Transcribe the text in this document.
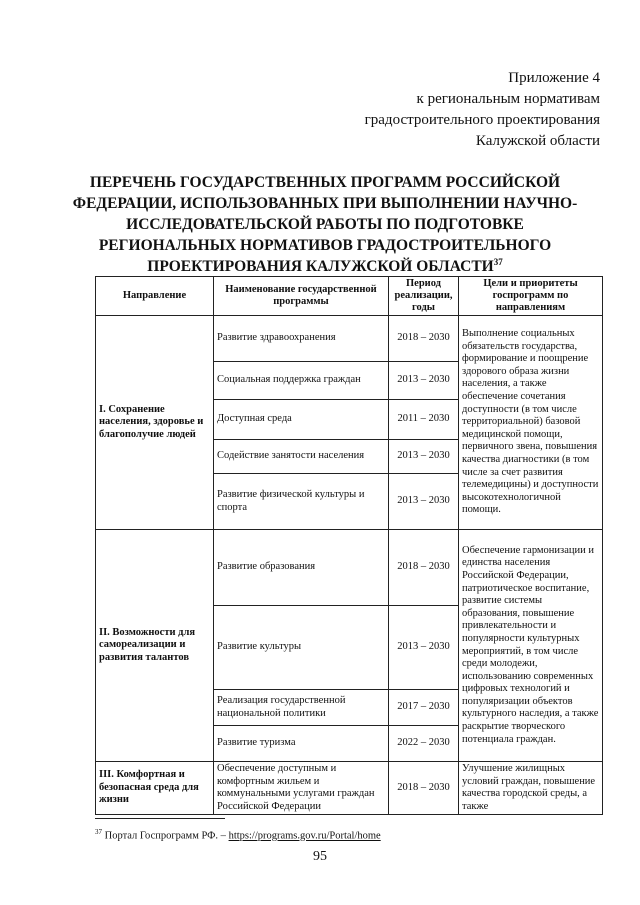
Приложение 4
к региональным нормативам
градостроительного проектирования
Калужской области
ПЕРЕЧЕНЬ ГОСУДАРСТВЕННЫХ ПРОГРАММ РОССИЙСКОЙ
ФЕДЕРАЦИИ, ИСПОЛЬЗОВАННЫХ ПРИ ВЫПОЛНЕНИИ НАУЧНО-
ИССЛЕДОВАТЕЛЬСКОЙ РАБОТЫ ПО ПОДГОТОВКЕ
РЕГИОНАЛЬНЫХ НОРМАТИВОВ ГРАДОСТРОИТЕЛЬНОГО
ПРОЕКТИРОВАНИЯ КАЛУЖСКОЙ ОБЛАСТИ$^{37}$
Направление	Наименование государственной программы	Период реализации, годы	Цели и приоритеты госпрограмм по направлениям
I. Сохранение населения, здоровье и благополучие людей	Развитие здравоохранения	2018 – 2030	Выполнение социальных обязательств государства, формирование и поощрение здорового образа жизни населения, а также обеспечение сочетания доступности (в том числе территориальной) базовой медицинской помощи, первичного звена, повышения качества диагностики (в том числе за счет развития телемедицины) и доступности высокотехнологичной помощи.
	Социальная поддержка граждан	2013 – 2030	
	Доступная среда	2011 – 2030	
	Содействие занятости населения	2013 – 2030	
	Развитие физической культуры и спорта	2013 – 2030	
II. Возможности для самореализации и развития талантов	Развитие образования	2018 – 2030	Обеспечение гармонизации и единства населения Российской Федерации, патриотическое воспитание, развитие системы образования, повышение привлекательности и популярности культурных мероприятий, в том числе среди молодежи, использованию современных цифровых технологий и популяризации объектов культурного наследия, а также раскрытие творческого потенциала граждан.
	Развитие культуры	2013 – 2030	
	Реализация государственной национальной политики	2017 – 2030	
	Развитие туризма	2022 – 2030	
III. Комфортная и безопасная среда для жизни	Обеспечение доступным и комфортным жильем и коммунальными услугами граждан Российской Федерации	2018 – 2030	Улучшение жилищных условий граждан, повышение качества городской среды, а также
$^{37}$ Портал Госпрограмм РФ. – https://programs.gov.ru/Portal/home
95
